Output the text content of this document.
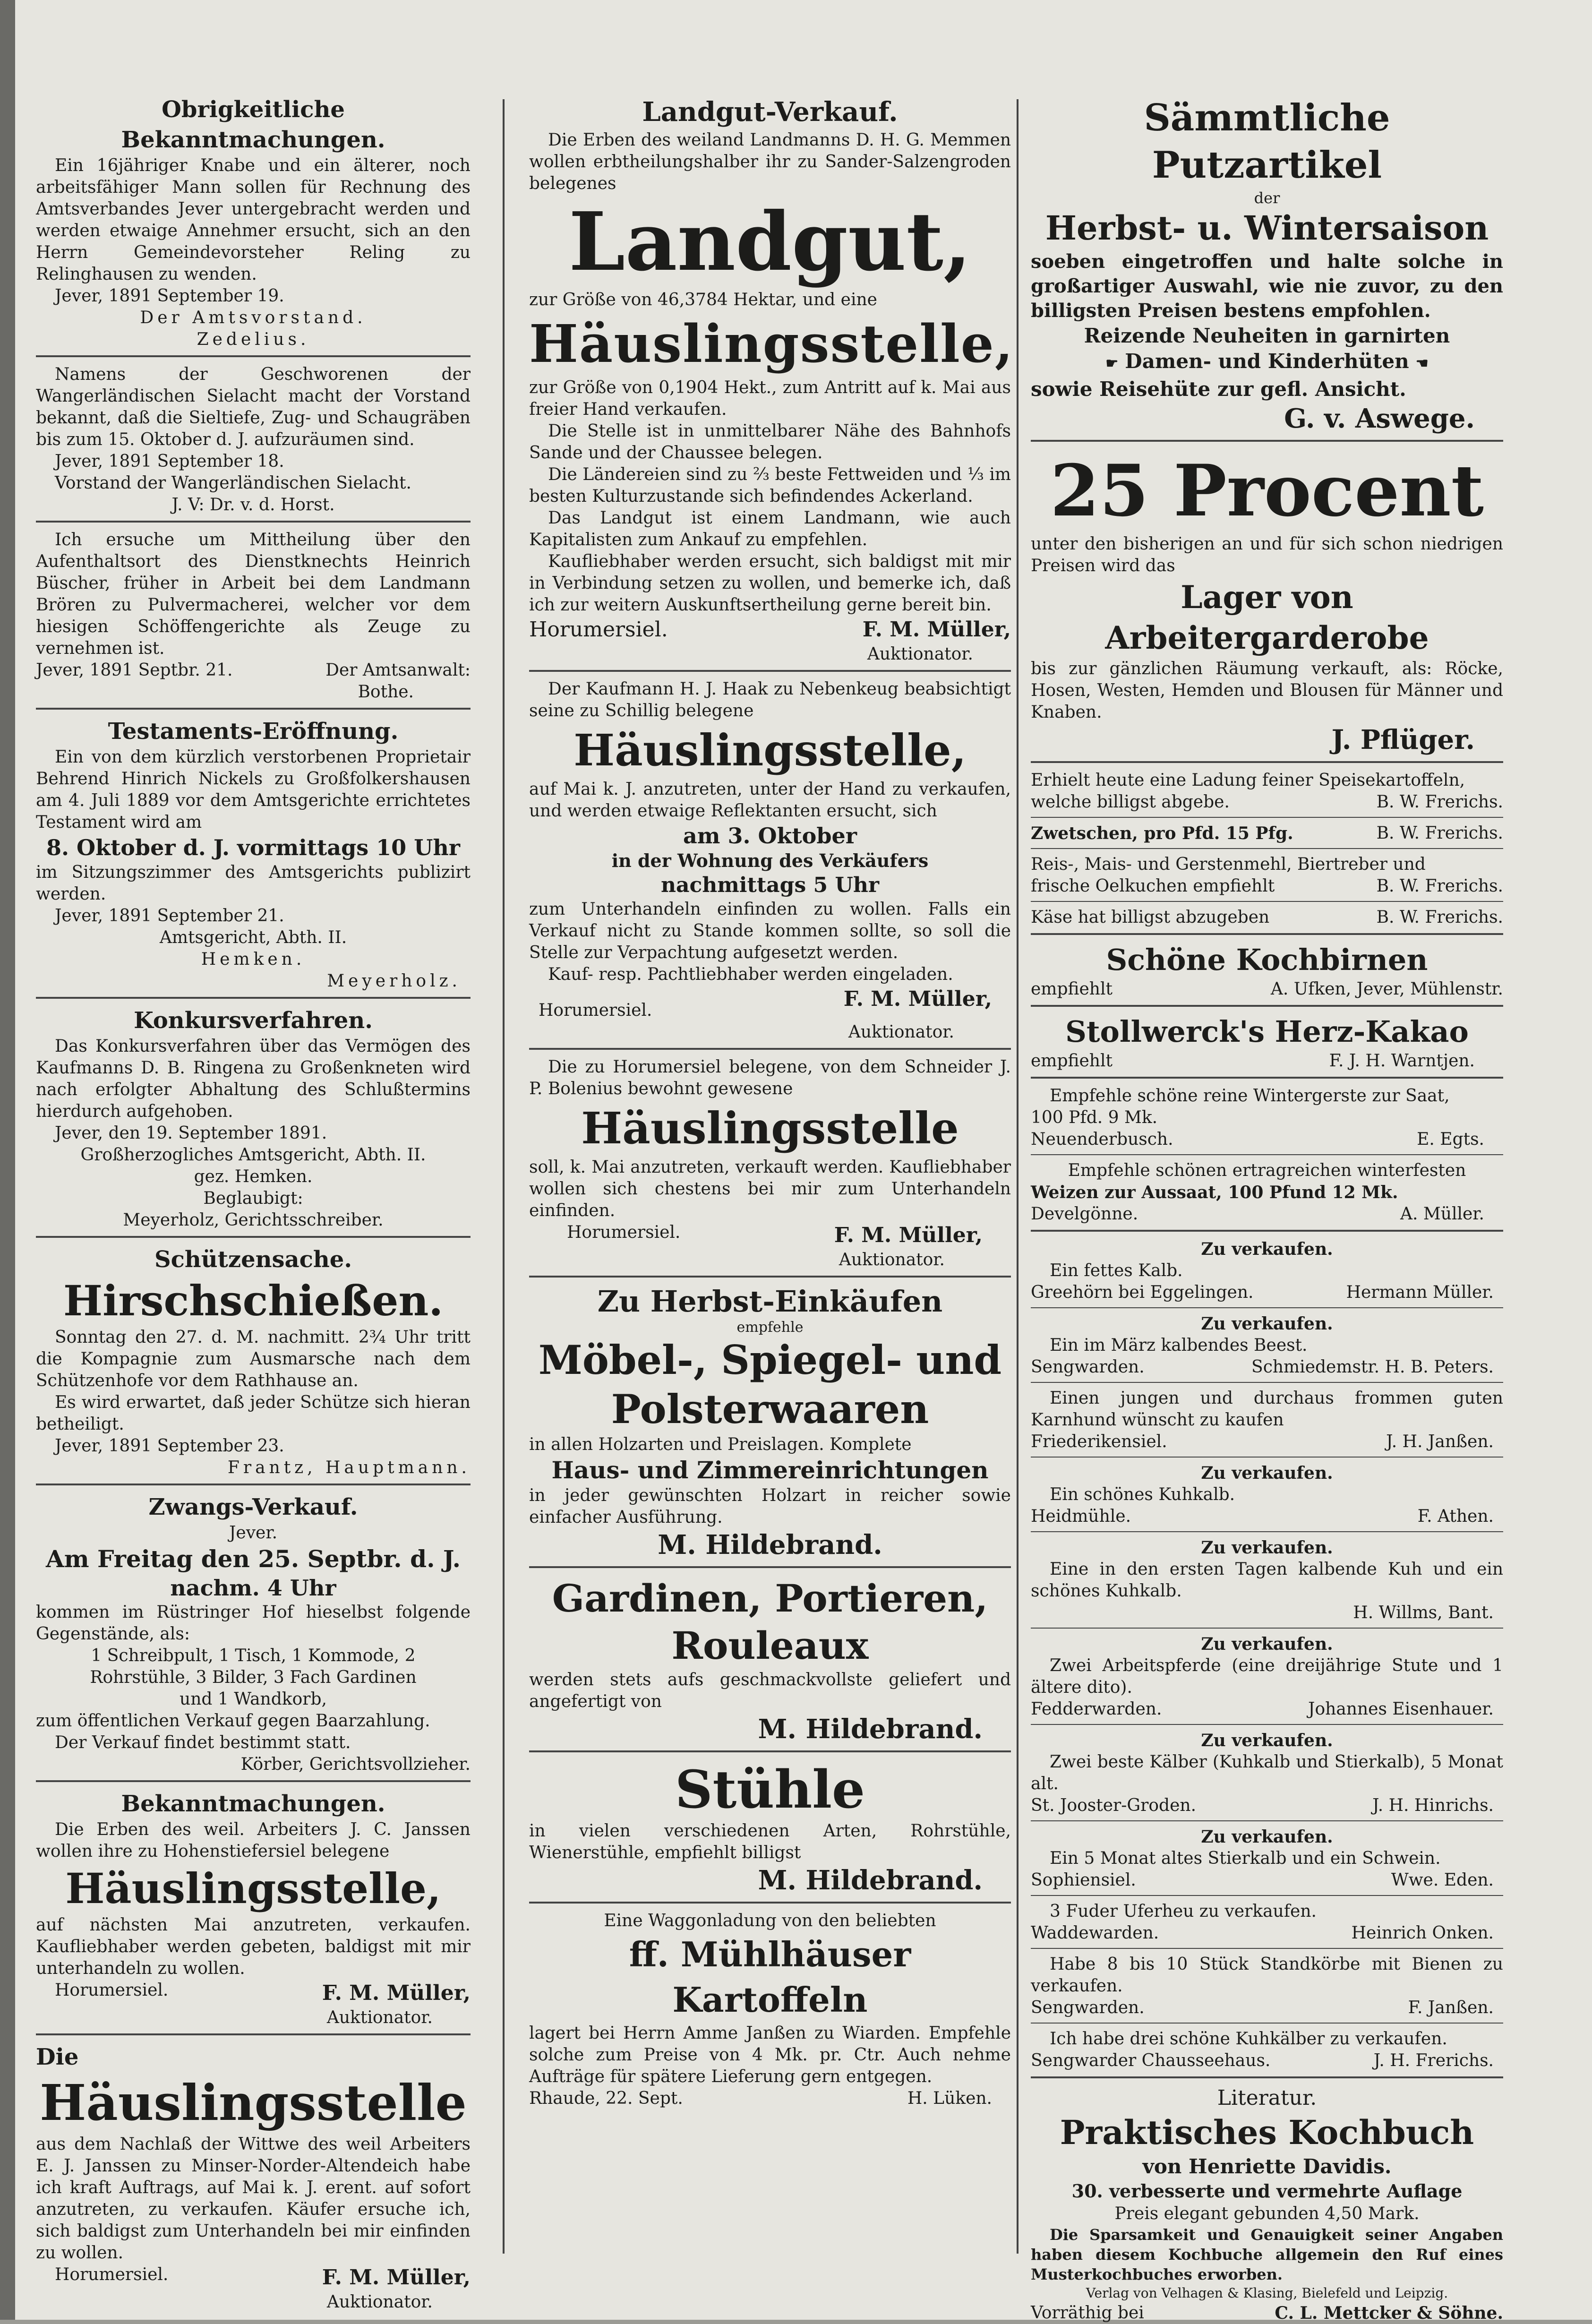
Obrigkeitliche Bekanntmachungen.

Ein 16jähriger Knabe und ein älterer, noch arbeitsfähiger Mann sollen für Rechnung des Amtsverbandes Jever untergebracht werden und werden etwaige Annehmer ersucht, sich an den Herrn Gemeindevorsteher Reling zu Relinghausen zu wenden.

Jever, 1891 September 19.

Der Amtsvorstand.

Zedelius.

Namens der Geschworenen der Wangerländischen Sielacht macht der Vorstand bekannt, daß die Sieltiefe, Zug- und Schaugräben bis zum 15. Oktober d. J. aufzuräumen sind.

Jever, 1891 September 18.

Vorstand der Wangerländischen Sielacht.

J. V: Dr. v. d. Horst.

Ich ersuche um Mittheilung über den Aufenthaltsort des Dienstknechts Heinrich Büscher, früher in Arbeit bei dem Landmann Brören zu Pulvermacherei, welcher vor dem hiesigen Schöffengerichte als Zeuge zu vernehmen ist.

Jever, 1891 Septbr. 21.	Der Amtsanwalt:

Bothe.

Testaments-Eröffnung.

Ein von dem kürzlich verstorbenen Proprietair Behrend Hinrich Nickels zu Großfolkershausen am 4. Juli 1889 vor dem Amtsgerichte errichtetes Testament wird am

8. Oktober d. J. vormittags 10 Uhr

im Sitzungszimmer des Amtsgerichts publizirt werden.

Jever, 1891 September 21.

Amtsgericht, Abth. II.

Hemken.

Meyerholz.

Konkursverfahren.

Das Konkursverfahren über das Vermögen des Kaufmanns D. B. Ringena zu Großenkneten wird nach erfolgter Abhaltung des Schlußtermins hierdurch aufgehoben.

Jever, den 19. September 1891.

Großherzogliches Amtsgericht, Abth. II.

gez. Hemken.

Beglaubigt:

Meyerholz, Gerichtsschreiber.

Schützensache.

Hirschschießen.

Sonntag den 27. d. M. nachmitt. 2¾ Uhr tritt die Kompagnie zum Ausmarsche nach dem Schützenhofe vor dem Rathhause an.

Es wird erwartet, daß jeder Schütze sich hieran betheiligt.

Jever, 1891 September 23.

Frantz, Hauptmann.

Zwangs-Verkauf.

Jever.

Am Freitag den 25. Septbr. d. J.

nachm. 4 Uhr

kommen im Rüstringer Hof hieselbst folgende Gegenstände, als:

1 Schreibpult, 1 Tisch, 1 Kommode, 2

Rohrstühle, 3 Bilder, 3 Fach Gardinen

und 1 Wandkorb,

zum öffentlichen Verkauf gegen Baarzahlung.

Der Verkauf findet bestimmt statt.

Körber, Gerichtsvollzieher.

Bekanntmachungen.

Die Erben des weil. Arbeiters J. C. Janssen wollen ihre zu Hohenstiefersiel belegene

Häuslingsstelle,

auf nächsten Mai anzutreten, verkaufen. Kaufliebhaber werden gebeten, baldigst mit mir unterhandeln zu wollen.

Horumersiel.	F. M. Müller,

Auktionator.

Die

Häuslingsstelle

aus dem Nachlaß der Wittwe des weil Arbeiters E. J. Janssen zu Minser-Norder-Altendeich habe ich kraft Auftrags, auf Mai k. J. erent. auf sofort anzutreten, zu verkaufen. Käufer ersuche ich, sich baldigst zum Unterhandeln bei mir einfinden zu wollen.

Horumersiel.	F. M. Müller,

Auktionator.

Landgut-Verkauf.

Die Erben des weiland Landmanns D. H. G. Memmen wollen erbtheilungshalber ihr zu Sander-Salzengroden belegenes

Landgut,

zur Größe von 46,3784 Hektar, und eine

Häuslingsstelle,

zur Größe von 0,1904 Hekt., zum Antritt auf k. Mai aus freier Hand verkaufen.

Die Stelle ist in unmittelbarer Nähe des Bahnhofs Sande und der Chaussee belegen.

Die Ländereien sind zu ⅔ beste Fettweiden und ⅓ im besten Kulturzustande sich befindendes Ackerland.

Das Landgut ist einem Landmann, wie auch Kapitalisten zum Ankauf zu empfehlen.

Kaufliebhaber werden ersucht, sich baldigst mit mir in Verbindung setzen zu wollen, und bemerke ich, daß ich zur weitern Auskunftsertheilung gerne bereit bin.

Horumersiel.	F. M. Müller,

Auktionator.

Der Kaufmann H. J. Haak zu Nebenkeug beabsichtigt seine zu Schillig belegene

Häuslingsstelle,

auf Mai k. J. anzutreten, unter der Hand zu verkaufen, und werden etwaige Reflektanten ersucht, sich

am 3. Oktober

in der Wohnung des Verkäufers

nachmittags 5 Uhr

zum Unterhandeln einfinden zu wollen. Falls ein Verkauf nicht zu Stande kommen sollte, so soll die Stelle zur Verpachtung aufgesetzt werden.

Kauf- resp. Pachtliebhaber werden eingeladen.

Horumersiel.	F. M. Müller,

Auktionator.

Die zu Horumersiel belegene, von dem Schneider J. P. Bolenius bewohnt gewesene

Häuslingsstelle

soll, k. Mai anzutreten, verkauft werden. Kaufliebhaber wollen sich chestens bei mir zum Unterhandeln einfinden.

Horumersiel.	F. M. Müller,

Auktionator.

Zu Herbst-Einkäufen

empfehle

Möbel-, Spiegel- und Polsterwaaren

in allen Holzarten und Preislagen. Komplete

Haus- und Zimmereinrichtungen

in jeder gewünschten Holzart in reicher sowie einfacher Ausführung.

M. Hildebrand.

Gardinen, Portieren, Rouleaux

werden stets aufs geschmackvollste geliefert und angefertigt von

M. Hildebrand.

Stühle

in vielen verschiedenen Arten, Rohrstühle, Wienerstühle, empfiehlt billigst

M. Hildebrand.

Eine Waggonladung von den beliebten

ff. Mühlhäuser Kartoffeln

lagert bei Herrn Amme Janßen zu Wiarden. Empfehle solche zum Preise von 4 Mk. pr. Ctr. Auch nehme Aufträge für spätere Lieferung gern entgegen.

Rhaude, 22. Sept.	H. Lüken.

Sämmtliche Putzartikel

der

Herbst- u. Wintersaison

soeben eingetroffen und halte solche in großartiger Auswahl, wie nie zuvor, zu den billigsten Preisen bestens empfohlen.

Reizende Neuheiten in garnirten

☛ Damen- und Kinderhüten ☚

sowie Reisehüte zur gefl. Ansicht.

G. v. Aswege.

25 Procent

unter den bisherigen an und für sich schon niedrigen Preisen wird das

Lager von Arbeitergarderobe

bis zur gänzlichen Räumung verkauft, als: Röcke, Hosen, Westen, Hemden und Blousen für Männer und Knaben.

J. Pflüger.

Erhielt heute eine Ladung feiner Speisekartoffeln,

welche billigst abgebe.	B. W. Frerichs.
Zwetschen, pro Pfd. 15 Pfg.	B. W. Frerichs.

Reis-, Mais- und Gerstenmehl, Biertreber und

frische Oelkuchen empfiehlt	B. W. Frerichs.
Käse hat billigst abzugeben	B. W. Frerichs.

Schöne Kochbirnen

empfiehlt	A. Ufken, Jever, Mühlenstr.

Stollwerck's Herz-Kakao

empfiehlt	F. J. H. Warntjen.

Empfehle schöne reine Wintergerste zur Saat,

100 Pfd. 9 Mk.

Neuenderbusch.	E. Egts.

Empfehle schönen ertragreichen winterfesten

Weizen zur Aussaat, 100 Pfund 12 Mk.

Develgönne.	A. Müller.

Zu verkaufen.

Ein fettes Kalb.

Greehörn bei Eggelingen.	Hermann Müller.

Zu verkaufen.

Ein im März kalbendes Beest.

Sengwarden.	Schmiedemstr. H. B. Peters.

Einen jungen und durchaus frommen guten Karnhund wünscht zu kaufen

Friederikensiel.	J. H. Janßen.

Zu verkaufen.

Ein schönes Kuhkalb.

Heidmühle.	F. Athen.

Zu verkaufen.

Eine in den ersten Tagen kalbende Kuh und ein schönes Kuhkalb.

H. Willms, Bant.

Zu verkaufen.

Zwei Arbeitspferde (eine dreijährige Stute und 1 ältere dito).

Fedderwarden.	Johannes Eisenhauer.

Zu verkaufen.

Zwei beste Kälber (Kuhkalb und Stierkalb), 5 Monat alt.

St. Jooster-Groden.	J. H. Hinrichs.

Zu verkaufen.

Ein 5 Monat altes Stierkalb und ein Schwein.

Sophiensiel.	Wwe. Eden.

3 Fuder Uferheu zu verkaufen.

Waddewarden.	Heinrich Onken.

Habe 8 bis 10 Stück Standkörbe mit Bienen zu verkaufen.

Sengwarden.	F. Janßen.

Ich habe drei schöne Kuhkälber zu verkaufen.

Sengwarder Chausseehaus.	J. H. Frerichs.

Literatur.

Praktisches Kochbuch

von Henriette Davidis.

30. verbesserte und vermehrte Auflage

Preis elegant gebunden 4,50 Mark.

Die Sparsamkeit und Genauigkeit seiner Angaben haben diesem Kochbuche allgemein den Ruf eines Musterkochbuches erworben.

Verlag von Velhagen & Klasing, Bielefeld und Leipzig.

Vorräthig bei	C. L. Mettcker & Söhne.
